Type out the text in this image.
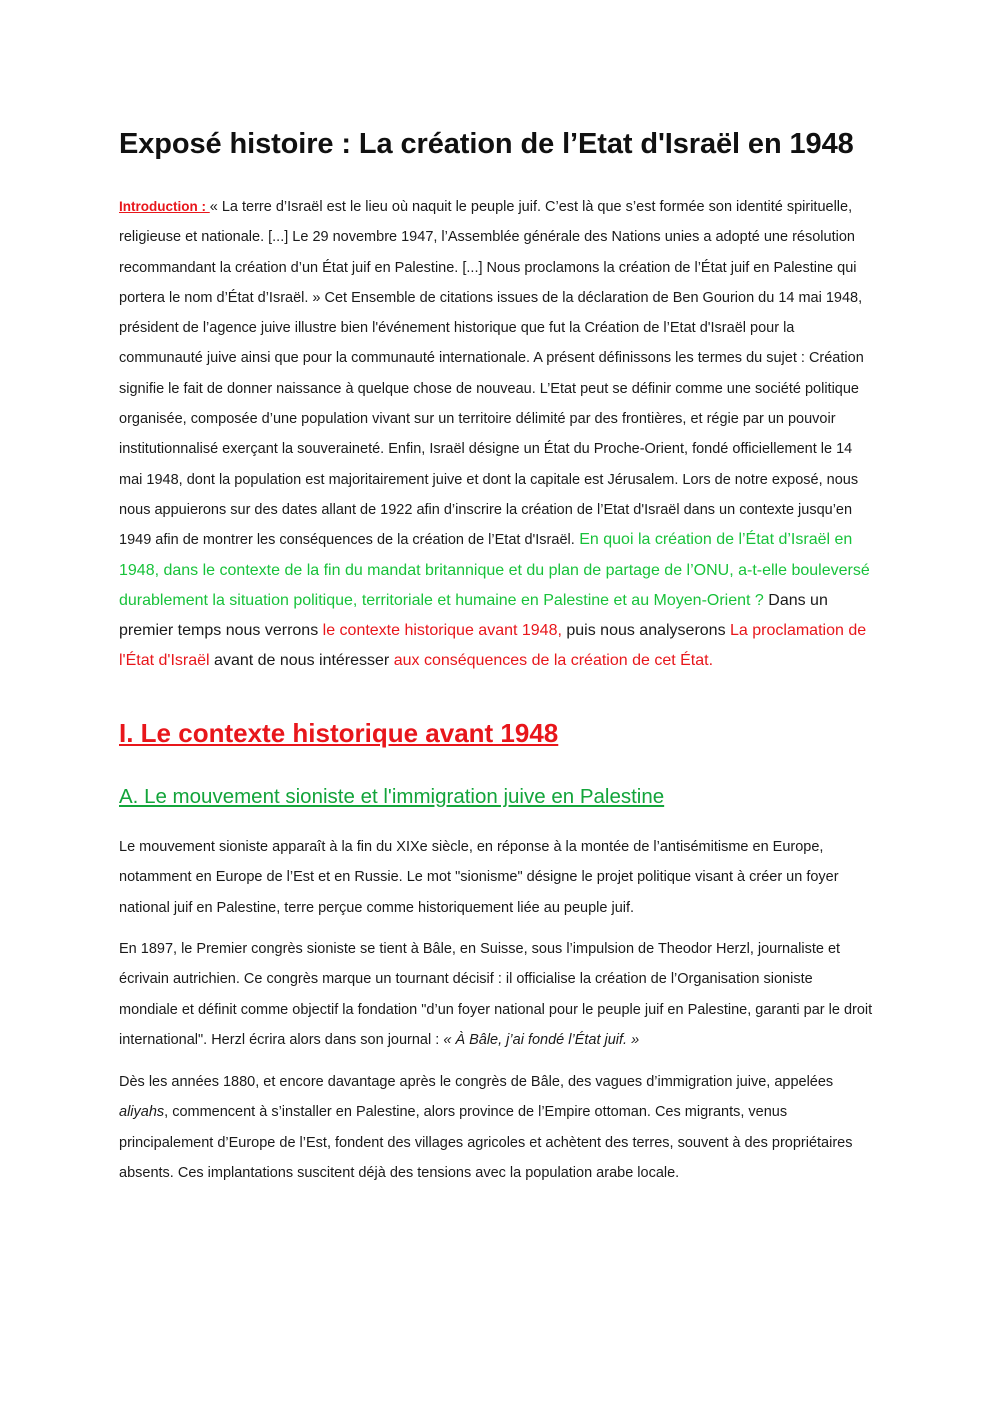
Exposé histoire : La création de l’Etat d'Israël en 1948

Introduction : « La terre d’Israël est le lieu où naquit le peuple juif. C’est là que s’est formée son identité spirituelle, religieuse et nationale. [...] Le 29 novembre 1947, l’Assemblée générale des Nations unies a adopté une résolution recommandant la création d’un État juif en Palestine. [...] Nous proclamons la création de l’État juif en Palestine qui portera le nom d’État d’Israël. » Cet Ensemble de citations issues de la déclaration de Ben Gourion du 14 mai 1948, président de l’agence juive illustre bien l'événement historique que fut la Création de l’Etat d'Israël pour la communauté juive ainsi que pour la communauté internationale. A présent définissons les termes du sujet : Création signifie le fait de donner naissance à quelque chose de nouveau. L’Etat peut se définir comme une société politique organisée, composée d’une population vivant sur un territoire délimité par des frontières, et régie par un pouvoir institutionnalisé exerçant la souveraineté. Enfin, Israël désigne un État du Proche-Orient, fondé officiellement le 14 mai 1948, dont la population est majoritairement juive et dont la capitale est Jérusalem. Lors de notre exposé, nous nous appuierons sur des dates allant de 1922 afin d’inscrire la création de l’Etat d'Israël dans un contexte jusqu’en 1949 afin de montrer les conséquences de la création de l’Etat d'Israël. En quoi la création de l’État d’Israël en 1948, dans le contexte de la fin du mandat britannique et du plan de partage de l’ONU, a-t-elle bouleversé durablement la situation politique, territoriale et humaine en Palestine et au Moyen-Orient ? Dans un premier temps nous verrons le contexte historique avant 1948, puis nous analyserons La proclamation de l'État d'Israël avant de nous intéresser aux conséquences de la création de cet État.

I. Le contexte historique avant 1948
A. Le mouvement sioniste et l'immigration juive en Palestine

Le mouvement sioniste apparaît à la fin du XIXe siècle, en réponse à la montée de l’antisémitisme en Europe, notamment en Europe de l’Est et en Russie. Le mot "sionisme" désigne le projet politique visant à créer un foyer national juif en Palestine, terre perçue comme historiquement liée au peuple juif.

En 1897, le Premier congrès sioniste se tient à Bâle, en Suisse, sous l’impulsion de Theodor Herzl, journaliste et écrivain autrichien. Ce congrès marque un tournant décisif : il officialise la création de l’Organisation sioniste mondiale et définit comme objectif la fondation "d’un foyer national pour le peuple juif en Palestine, garanti par le droit international". Herzl écrira alors dans son journal : « À Bâle, j’ai fondé l’État juif. »

Dès les années 1880, et encore davantage après le congrès de Bâle, des vagues d’immigration juive, appelées aliyahs, commencent à s’installer en Palestine, alors province de l’Empire ottoman. Ces migrants, venus principalement d’Europe de l’Est, fondent des villages agricoles et achètent des terres, souvent à des propriétaires absents. Ces implantations suscitent déjà des tensions avec la population arabe locale.
